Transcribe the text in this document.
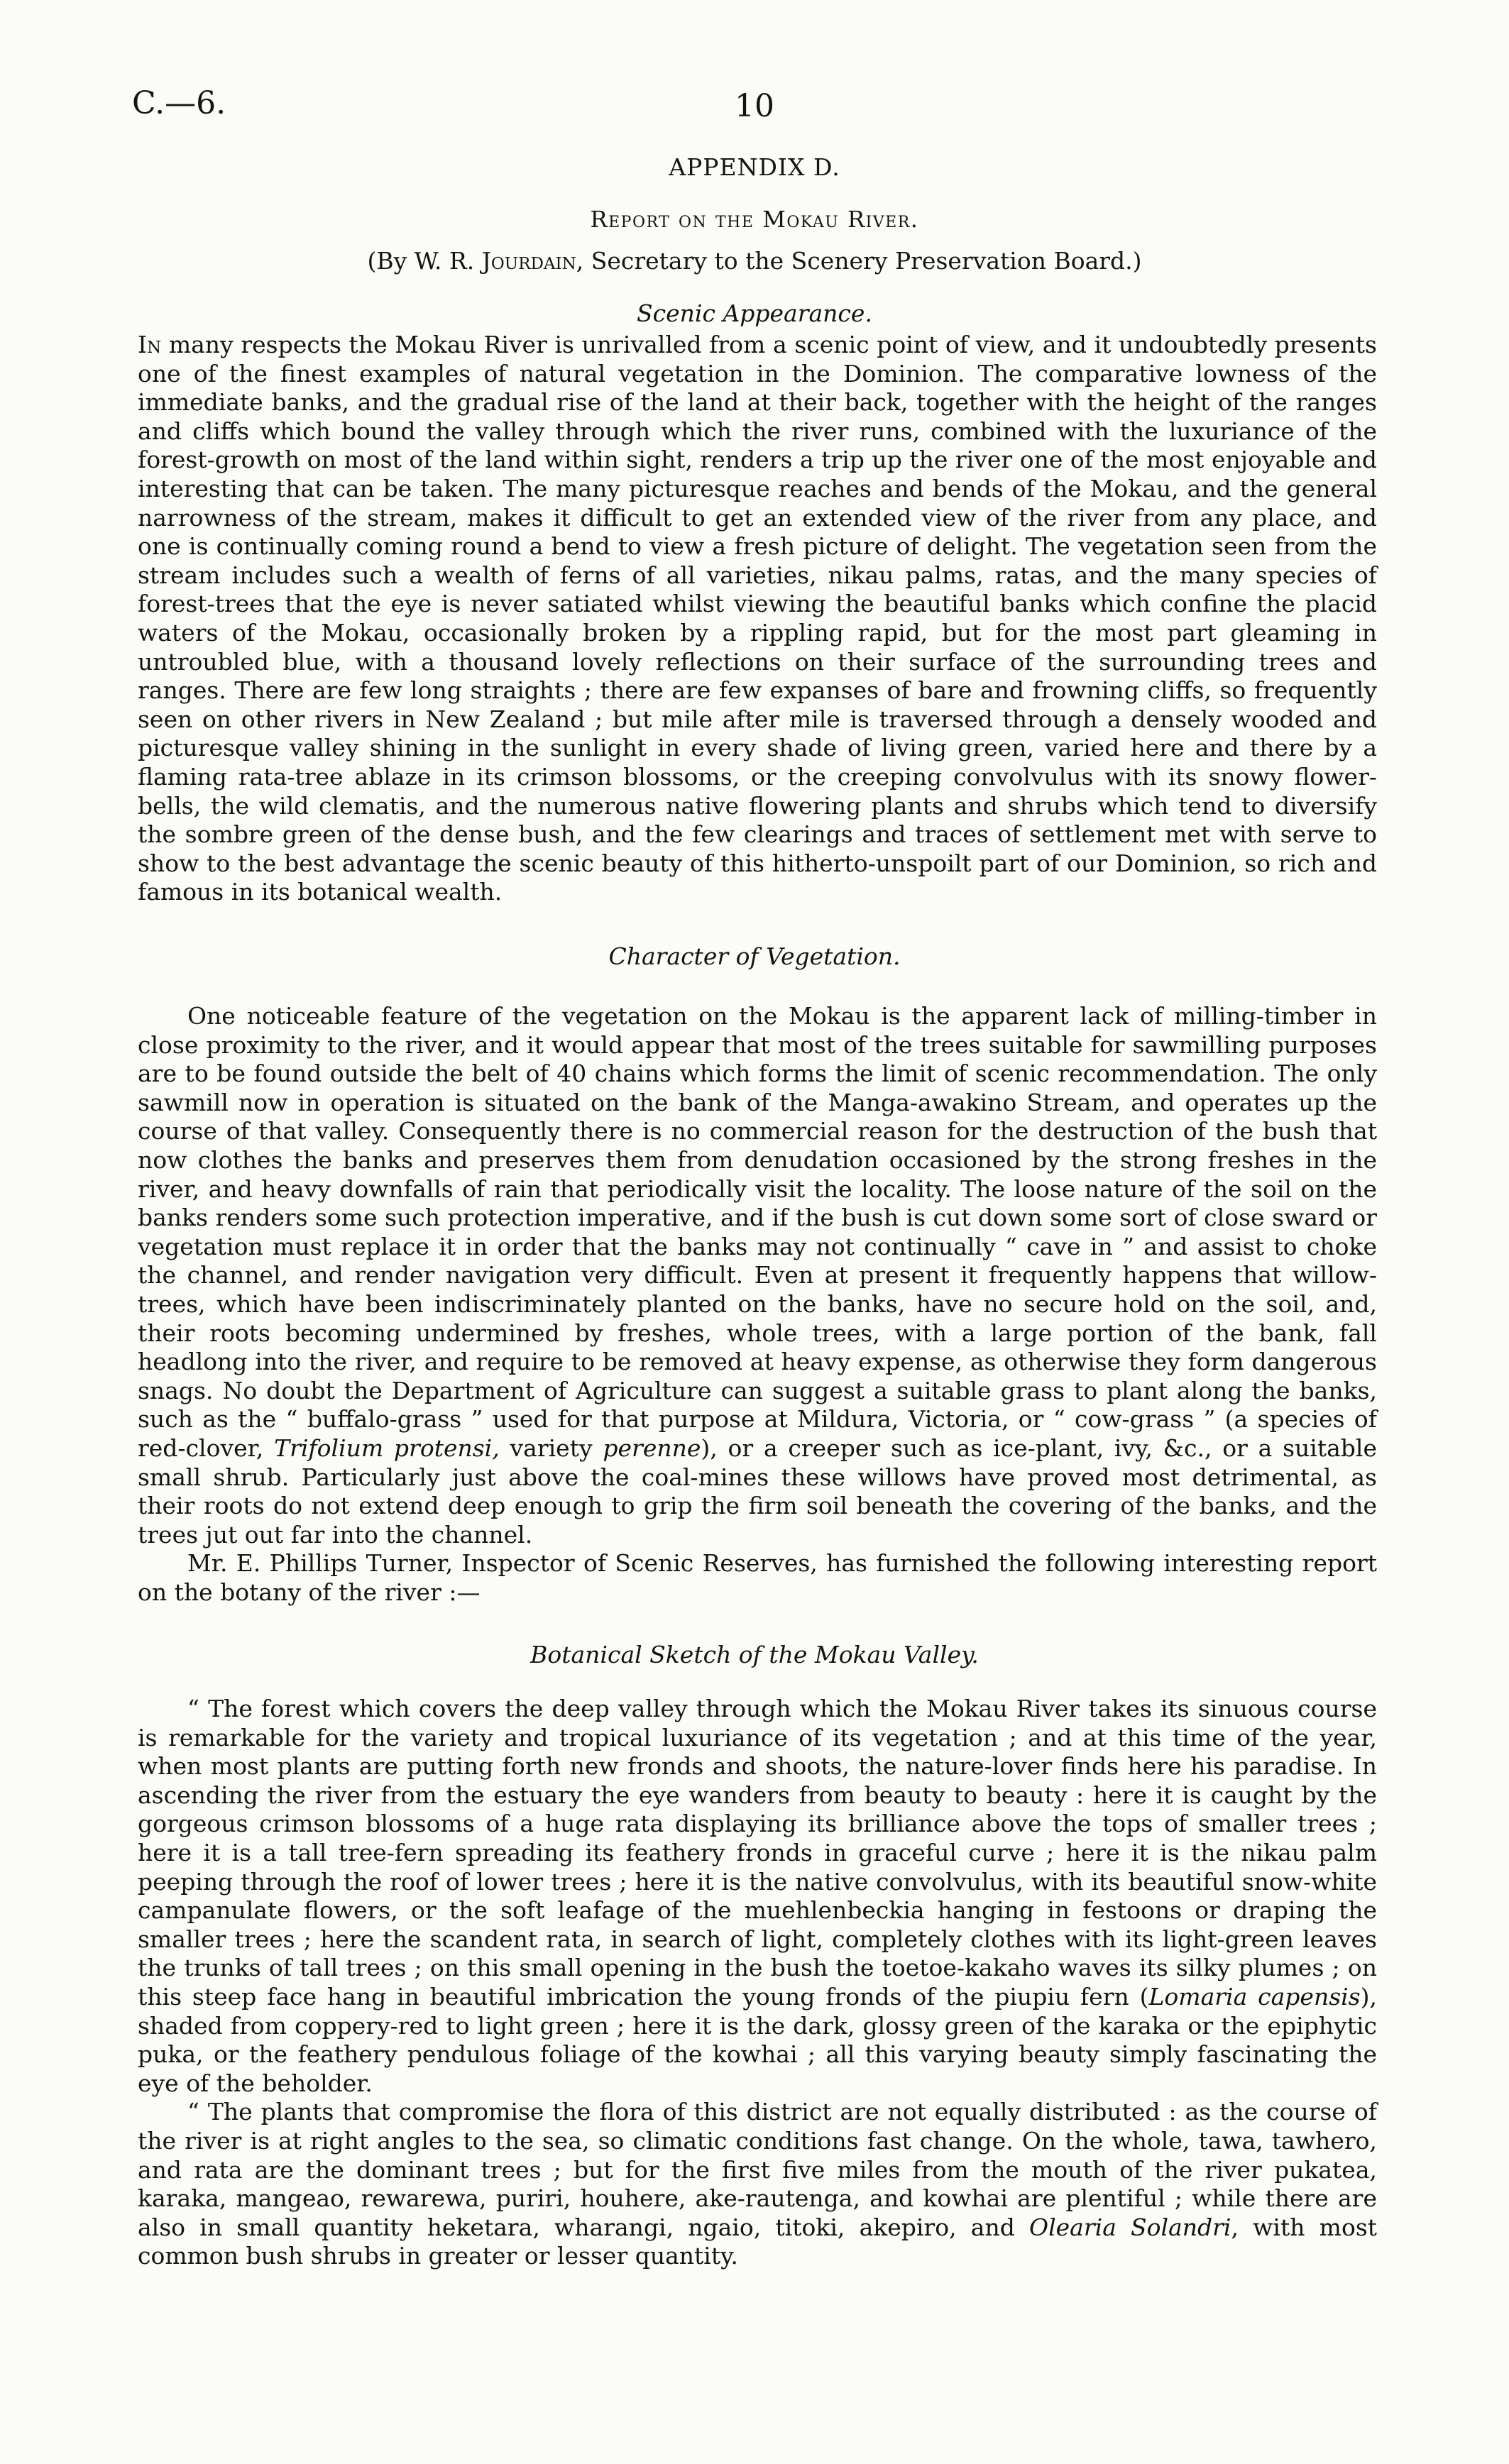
C.—6.	10
APPENDIX D.
Report on the Mokau River.
(By W. R. Jourdain, Secretary to the Scenery Preservation Board.)
Scenic Appearance.

In many respects the Mokau River is unrivalled from a scenic point of view, and it undoubtedly presents one of the finest examples of natural vegetation in the Dominion. The comparative lowness of the immediate banks, and the gradual rise of the land at their back, together with the height of the ranges and cliffs which bound the valley through which the river runs, combined with the luxuriance of the forest-growth on most of the land within sight, renders a trip up the river one of the most enjoyable and interesting that can be taken. The many picturesque reaches and bends of the Mokau, and the general narrowness of the stream, makes it difficult to get an extended view of the river from any place, and one is continually coming round a bend to view a fresh picture of delight. The vegetation seen from the stream includes such a wealth of ferns of all varieties, nikau palms, ratas, and the many species of forest-trees that the eye is never satiated whilst viewing the beautiful banks which confine the placid waters of the Mokau, occasionally broken by a rippling rapid, but for the most part gleaming in untroubled blue, with a thousand lovely reflections on their surface of the surrounding trees and ranges. There are few long straights ; there are few expanses of bare and frowning cliffs, so frequently seen on other rivers in New Zealand ; but mile after mile is traversed through a densely wooded and picturesque valley shining in the sunlight in every shade of living green, varied here and there by a flaming rata-tree ablaze in its crimson blossoms, or the creeping convolvulus with its snowy flower-bells, the wild clematis, and the numerous native flowering plants and shrubs which tend to diversify the sombre green of the dense bush, and the few clearings and traces of settlement met with serve to show to the best advantage the scenic beauty of this hitherto-unspoilt part of our Dominion, so rich and famous in its botanical wealth.

Character of Vegetation.

One noticeable feature of the vegetation on the Mokau is the apparent lack of milling-timber in close proximity to the river, and it would appear that most of the trees suitable for sawmilling purposes are to be found outside the belt of 40 chains which forms the limit of scenic recommendation. The only sawmill now in operation is situated on the bank of the Manga-awakino Stream, and operates up the course of that valley. Consequently there is no commercial reason for the destruction of the bush that now clothes the banks and preserves them from denudation occasioned by the strong freshes in the river, and heavy downfalls of rain that periodically visit the locality. The loose nature of the soil on the banks renders some such protection imperative, and if the bush is cut down some sort of close sward or vegetation must replace it in order that the banks may not continually “ cave in ” and assist to choke the channel, and render navigation very difficult. Even at present it frequently happens that willow-trees, which have been indiscriminately planted on the banks, have no secure hold on the soil, and, their roots becoming undermined by freshes, whole trees, with a large portion of the bank, fall headlong into the river, and require to be removed at heavy expense, as otherwise they form dangerous snags. No doubt the Department of Agriculture can suggest a suitable grass to plant along the banks, such as the “ buffalo-grass ” used for that purpose at Mildura, Victoria, or “ cow-grass ” (a species of red-clover, Trifolium protensi, variety perenne), or a creeper such as ice-plant, ivy, &c., or a suitable small shrub. Particularly just above the coal-mines these willows have proved most detrimental, as their roots do not extend deep enough to grip the firm soil beneath the covering of the banks, and the trees jut out far into the channel.

Mr. E. Phillips Turner, Inspector of Scenic Reserves, has furnished the following interesting report on the botany of the river :—

Botanical Sketch of the Mokau Valley.

“ The forest which covers the deep valley through which the Mokau River takes its sinuous course is remarkable for the variety and tropical luxuriance of its vegetation ; and at this time of the year, when most plants are putting forth new fronds and shoots, the nature-lover finds here his paradise. In ascending the river from the estuary the eye wanders from beauty to beauty : here it is caught by the gorgeous crimson blossoms of a huge rata displaying its brilliance above the tops of smaller trees ; here it is a tall tree-fern spreading its feathery fronds in graceful curve ; here it is the nikau palm peeping through the roof of lower trees ; here it is the native convolvulus, with its beautiful snow-white campanulate flowers, or the soft leafage of the muehlenbeckia hanging in festoons or draping the smaller trees ; here the scandent rata, in search of light, completely clothes with its light-green leaves the trunks of tall trees ; on this small opening in the bush the toetoe-kakaho waves its silky plumes ; on this steep face hang in beautiful imbrication the young fronds of the piupiu fern (Lomaria capensis), shaded from coppery-red to light green ; here it is the dark, glossy green of the karaka or the epiphytic puka, or the feathery pendulous foliage of the kowhai ; all this varying beauty simply fascinating the eye of the beholder.

“ The plants that compromise the flora of this district are not equally distributed : as the course of the river is at right angles to the sea, so climatic conditions fast change. On the whole, tawa, tawhero, and rata are the dominant trees ; but for the first five miles from the mouth of the river pukatea, karaka, mangeao, rewarewa, puriri, houhere, ake-rautenga, and kowhai are plentiful ; while there are also in small quantity heketara, wharangi, ngaio, titoki, akepiro, and Olearia Solandri, with most common bush shrubs in greater or lesser quantity.
